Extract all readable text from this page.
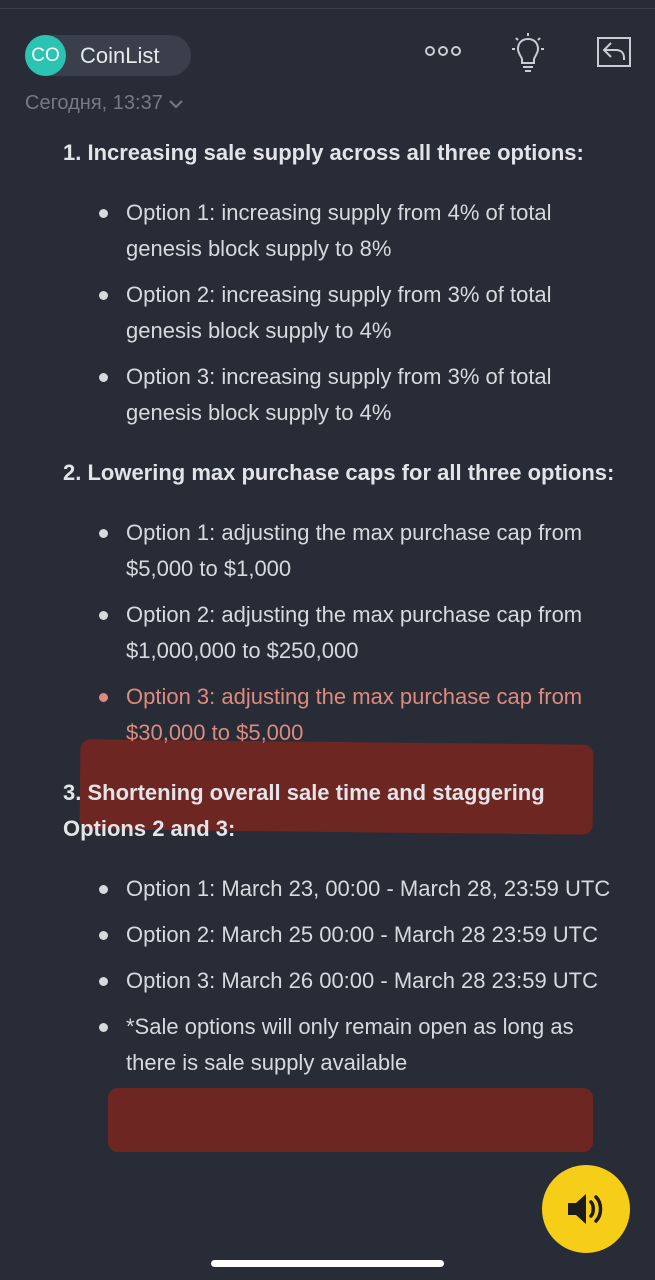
CO CoinList
Сегодня, 13:37

1. Increasing sale supply across all three options:

Option 1: increasing supply from 4% of total genesis block supply to 8%
Option 2: increasing supply from 3% of total genesis block supply to 4%
Option 3: increasing supply from 3% of total genesis block supply to 4%

2. Lowering max purchase caps for all three options:

Option 1: adjusting the max purchase cap from $5,000 to $1,000
Option 2: adjusting the max purchase cap from $1,000,000 to $250,000
Option 3: adjusting the max purchase cap from $30,000 to $5,000

3. Shortening overall sale time and staggering Options 2 and 3:

Option 1: March 23, 00:00 - March 28, 23:59 UTC
Option 2: March 25 00:00 - March 28 23:59 UTC
Option 3: March 26 00:00 - March 28 23:59 UTC
*Sale options will only remain open as long as there is sale supply available
